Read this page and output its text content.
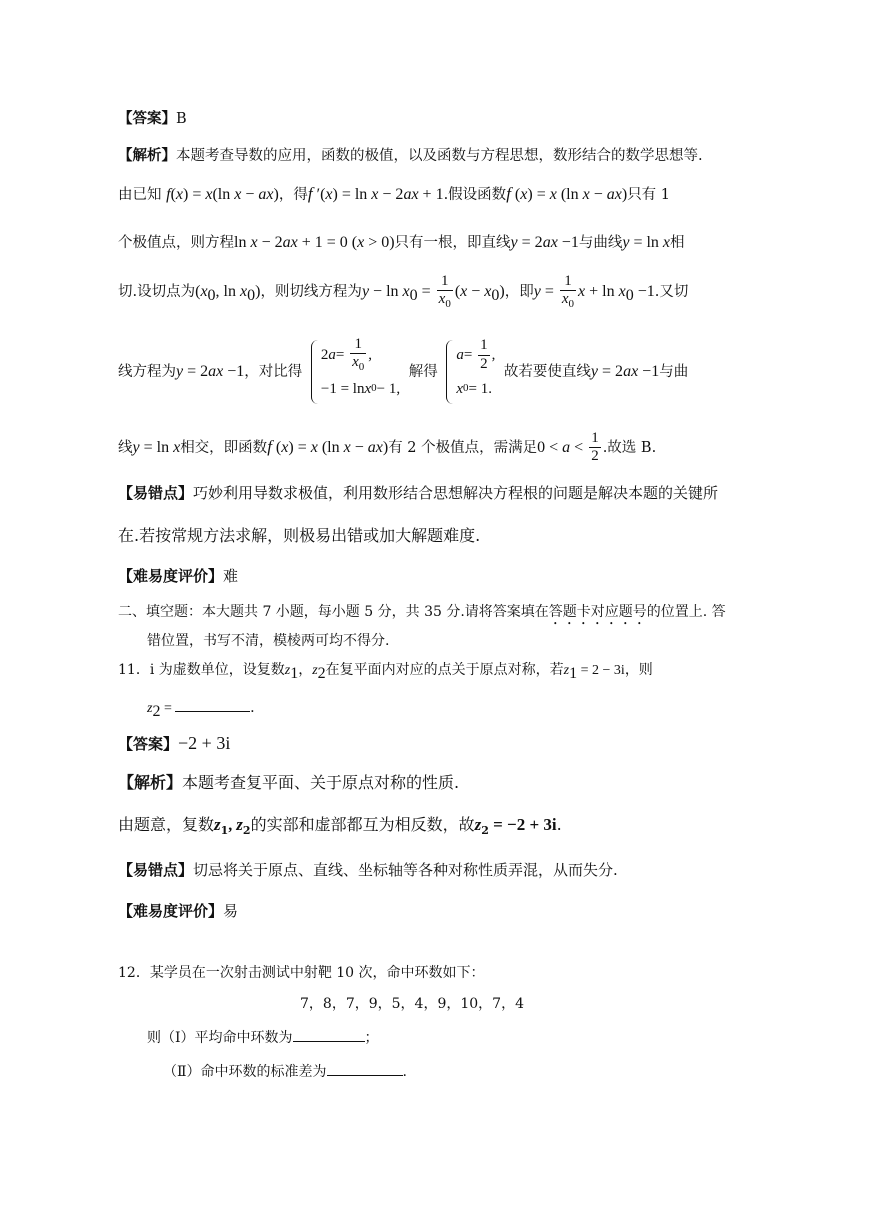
【答案】B
【解析】本题考查导数的应用，函数的极值，以及函数与方程思想，数形结合的数学思想等.
由已知 f(x) = x(ln x − ax)，得f ′(x) = ln x − 2ax + 1.假设函数f (x) = x (ln x − ax)只有 1
个极值点，则方程ln x − 2ax + 1 = 0 (x > 0)只有一根，即直线y = 2ax −1与曲线y = ln x相
切.设切点为($x_0$, $\ln x_0$)，则切线方程为$y - \ln x_0 = \frac{1}{x_0} (x - x_0)$，即$y = \frac{1}{x_0}$ $x + \ln x_0 -1$.又切
线方程为y = 2ax −1，对比得
2 $a = \frac{1}{x_0}$ ,
−1 = ln x 0 − 1,
解得
$a = \frac{1}{2}$ ,
x 0 = 1.
故若要使直线y = 2ax −1与曲
线y = ln x相交，即函数f (x) = x (ln x − ax)有 2 个极值点，需满足$0 < a < \frac{1}{2}$ .故选 B.
【易错点】巧妙利用导数求极值，利用数形结合思想解决方程根的问题是解决本题的关键所
在.若按常规方法求解，则极易出错或加大解题难度.
【难易度评价】难
二、填空题：本大题共 7 小题，每小题 5 分，共 35 分.请将答案填在答题卡对应题号的位置上. 答
错位置，书写不清，模棱两可均不得分.
11．i 为虚数单位，设复数$z_1$，$z_2$在复平面内对应的点关于原点对称，若$z_1 = 2 - 3i$，则
$z_2$ =	.
【答案】−2 + 3i
【解析】本题考查复平面、关于原点对称的性质.
由题意，复数$z_1$, $z_2$的实部和虚部都互为相反数，故$z_2 = -2 + 3i$.
【易错点】切忌将关于原点、直线、坐标轴等各种对称性质弄混，从而失分.
【难易度评价】易
12．某学员在一次射击测试中射靶 10 次，命中环数如下：
7，8，7，9，5，4，9，10，7，4
则（Ⅰ）平均命中环数为	；
（Ⅱ）命中环数的标准差为	.
